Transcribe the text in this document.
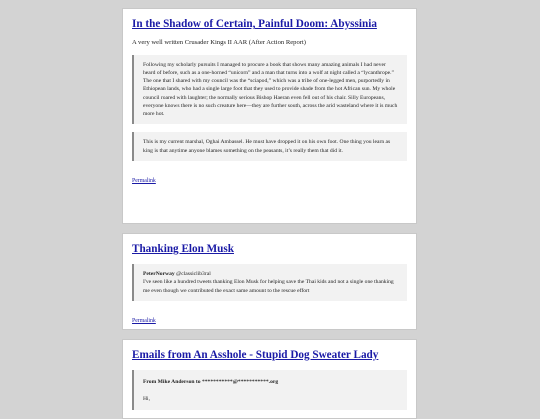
In the Shadow of Certain, Painful Doom: Abyssinia
A very well written Crusader Kings II AAR (After Action Report)

Following my scholarly pursuits I managed to procure a book that shows many amazing animals I had never heard of before, such as a one-horned “unicorn” and a man that turns into a wolf at night called a “lycanthrope.” The one that I shared with my council was the “sciapod,” which was a tribe of one-legged men, purportedly in Ethiopean lands, who had a single large foot that they used to provide shade from the hot African sun. My whole council roared with laughter; the normally serious Bishop Haeran even fell out of his chair. Silly Europeans, everyone knows there is no such creature here—they are further south, across the arid wasteland where it is much more hot.

This is my current marshal, Oghai Ambassel. He must have dropped it on his own foot. One thing you learn as king is that anytime anyone blames something on the peasants, it’s really them that did it.

Permalink
Thanking Elon Musk

PeterNorway @classiclib3ral

I've seen like a hundred tweets thanking Elon Musk for helping save the Thai kids and not a single one thanking me even though we contributed the exact same amount to the rescue effort

Permalink
Emails from An Asshole - Stupid Dog Sweater Lady

From Mike Anderson to ***********@***********.org

Hi,
